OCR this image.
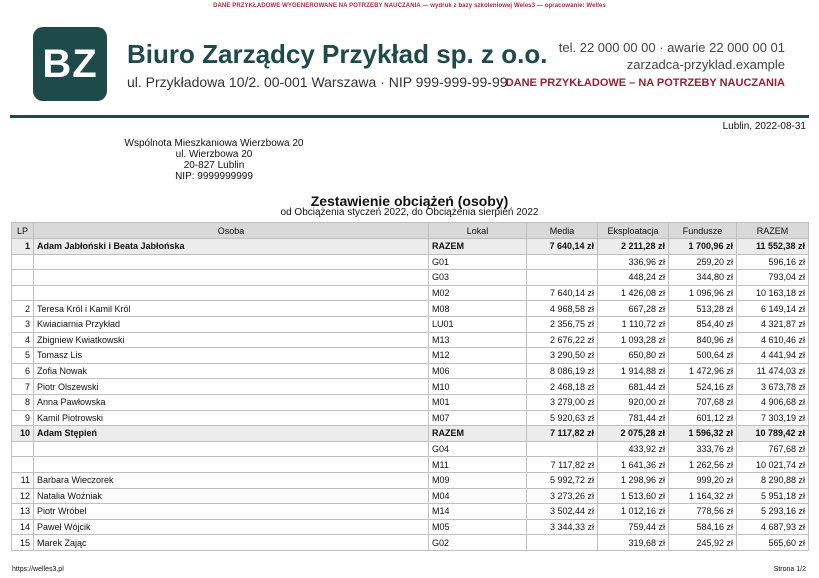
DANE PRZYKŁADOWE WYGENEROWANE NA POTRZEBY NAUCZANIA — wydruk z bazy szkoleniowej Weles3 — opracowanie: Welles
BZ	Biuro Zarządcy Przykład sp. z o.o.
ul. Przykładowa 10/2. 00-001 Warszawa · NIP 999-999-99-99
tel. 22 000 00 00 · awarie 22 000 00 01
zarzadca-przyklad.example
DANE PRZYKŁADOWE – NA POTRZEBY NAUCZANIA
Lublin, 2022-08-31
Wspólnota Mieszkaniowa Wierzbowa 20
ul. Wierzbowa 20
20-827 Lublin
NIP: 9999999999
Zestawienie obciążeń (osoby)
od Obciążenia styczeń 2022, do Obciążenia sierpień 2022
LP	Osoba	Lokal	Media	Eksploatacja	Fundusze	RAZEM
1	Adam Jabłoński i Beata Jabłońska	RAZEM	7 640,14 zł	2 211,28 zł	1 700,96 zł	11 552,38 zł
		G01		336,96 zł	259,20 zł	596,16 zł
		G03		448,24 zł	344,80 zł	793,04 zł
		M02	7 640,14 zł	1 426,08 zł	1 096,96 zł	10 163,18 zł
2	Teresa Król i Kamil Król	M08	4 968,58 zł	667,28 zł	513,28 zł	6 149,14 zł
3	Kwiaciarnia Przykład	LU01	2 356,75 zł	1 110,72 zł	854,40 zł	4 321,87 zł
4	Zbigniew Kwiatkowski	M13	2 676,22 zł	1 093,28 zł	840,96 zł	4 610,46 zł
5	Tomasz Lis	M12	3 290,50 zł	650,80 zł	500,64 zł	4 441,94 zł
6	Zofia Nowak	M06	8 086,19 zł	1 914,88 zł	1 472,96 zł	11 474,03 zł
7	Piotr Olszewski	M10	2 468,18 zł	681,44 zł	524,16 zł	3 673,78 zł
8	Anna Pawłowska	M01	3 279,00 zł	920,00 zł	707,68 zł	4 906,68 zł
9	Kamil Piotrowski	M07	5 920,63 zł	781,44 zł	601,12 zł	7 303,19 zł
10	Adam Stępień	RAZEM	7 117,82 zł	2 075,28 zł	1 596,32 zł	10 789,42 zł
		G04		433,92 zł	333,76 zł	767,68 zł
		M11	7 117,82 zł	1 641,36 zł	1 262,56 zł	10 021,74 zł
11	Barbara Wieczorek	M09	5 992,72 zł	1 298,96 zł	999,20 zł	8 290,88 zł
12	Natalia Woźniak	M04	3 273,26 zł	1 513,60 zł	1 164,32 zł	5 951,18 zł
13	Piotr Wróbel	M14	3 502,44 zł	1 012,16 zł	778,56 zł	5 293,16 zł
14	Paweł Wójcik	M05	3 344,33 zł	759,44 zł	584,16 zł	4 687,93 zł
15	Marek Zając	G02		319,68 zł	245,92 zł	565,60 zł
https://welles3.pl	Strona 1/2
